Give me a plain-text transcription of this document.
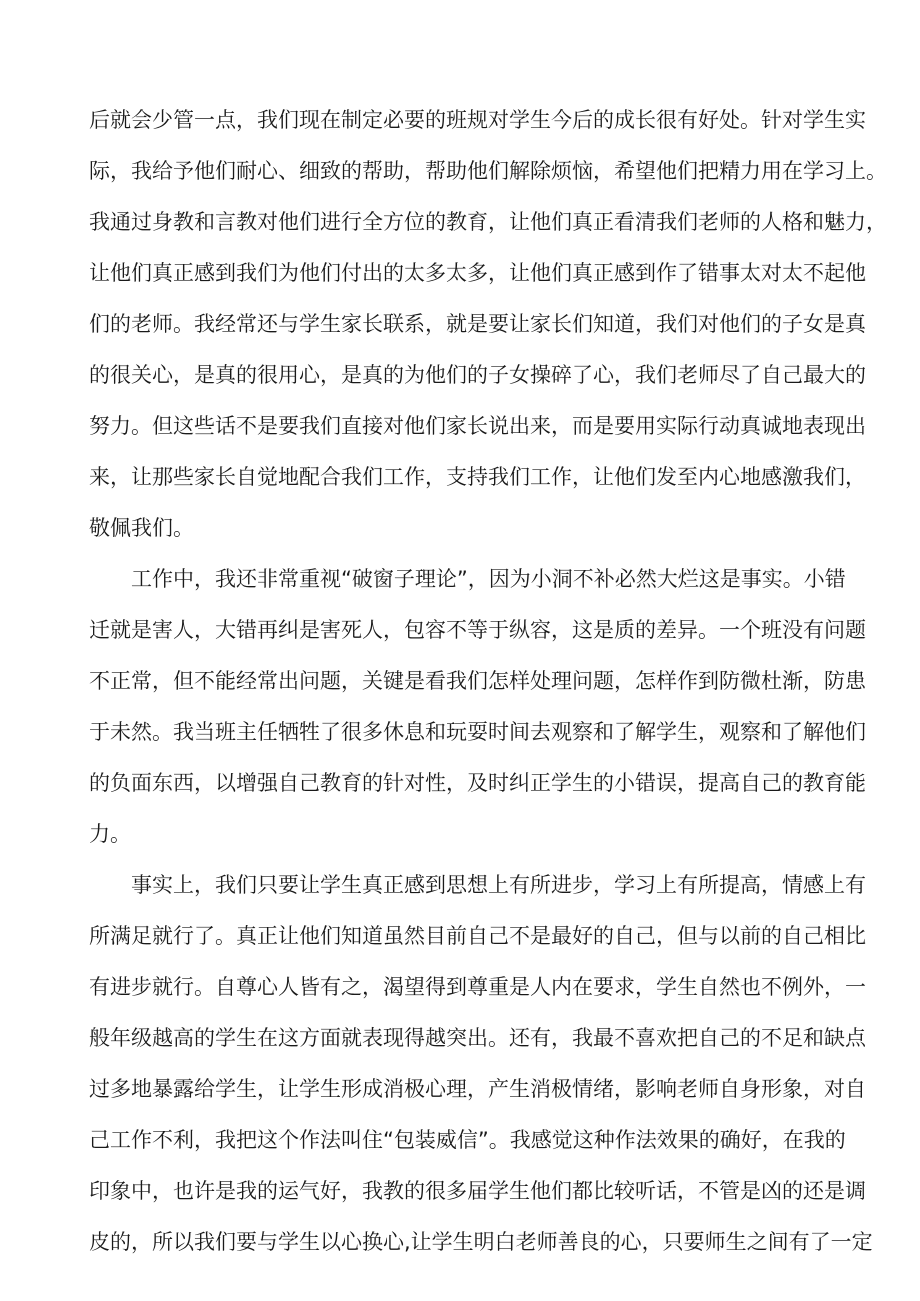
后就会少管一点，我们现在制定必要的班规对学生今后的成长很有好处。针对学生实
际，我给予他们耐心、细致的帮助，帮助他们解除烦恼，希望他们把精力用在学习上。
我通过身教和言教对他们进行全方位的教育，让他们真正看清我们老师的人格和魅力，
让他们真正感到我们为他们付出的太多太多，让他们真正感到作了错事太对太不起他
们的老师。我经常还与学生家长联系，就是要让家长们知道，我们对他们的子女是真
的很关心，是真的很用心，是真的为他们的子女操碎了心，我们老师尽了自己最大的
努力。但这些话不是要我们直接对他们家长说出来，而是要用实际行动真诚地表现出
来，让那些家长自觉地配合我们工作，支持我们工作，让他们发至内心地感激我们，
敬佩我们。
工作中，我还非常重视“破窗子理论”，因为小洞不补必然大烂这是事实。小错
迁就是害人，大错再纠是害死人，包容不等于纵容，这是质的差异。一个班没有问题
不正常，但不能经常出问题，关键是看我们怎样处理问题，怎样作到防微杜渐，防患
于未然。我当班主任牺牲了很多休息和玩耍时间去观察和了解学生，观察和了解他们
的负面东西，以增强自己教育的针对性，及时纠正学生的小错误，提高自己的教育能
力。
事实上，我们只要让学生真正感到思想上有所进步，学习上有所提高，情感上有
所满足就行了。真正让他们知道虽然目前自己不是最好的自己，但与以前的自己相比
有进步就行。自尊心人皆有之，渴望得到尊重是人内在要求，学生自然也不例外，一
般年级越高的学生在这方面就表现得越突出。还有，我最不喜欢把自己的不足和缺点
过多地暴露给学生，让学生形成消极心理，产生消极情绪，影响老师自身形象，对自
己工作不利，我把这个作法叫住“包装威信”。我感觉这种作法效果的确好，在我的
印象中，也许是我的运气好，我教的很多届学生他们都比较听话，不管是凶的还是调
皮的，所以我们要与学生以心换心,让学生明白老师善良的心，只要师生之间有了一定
